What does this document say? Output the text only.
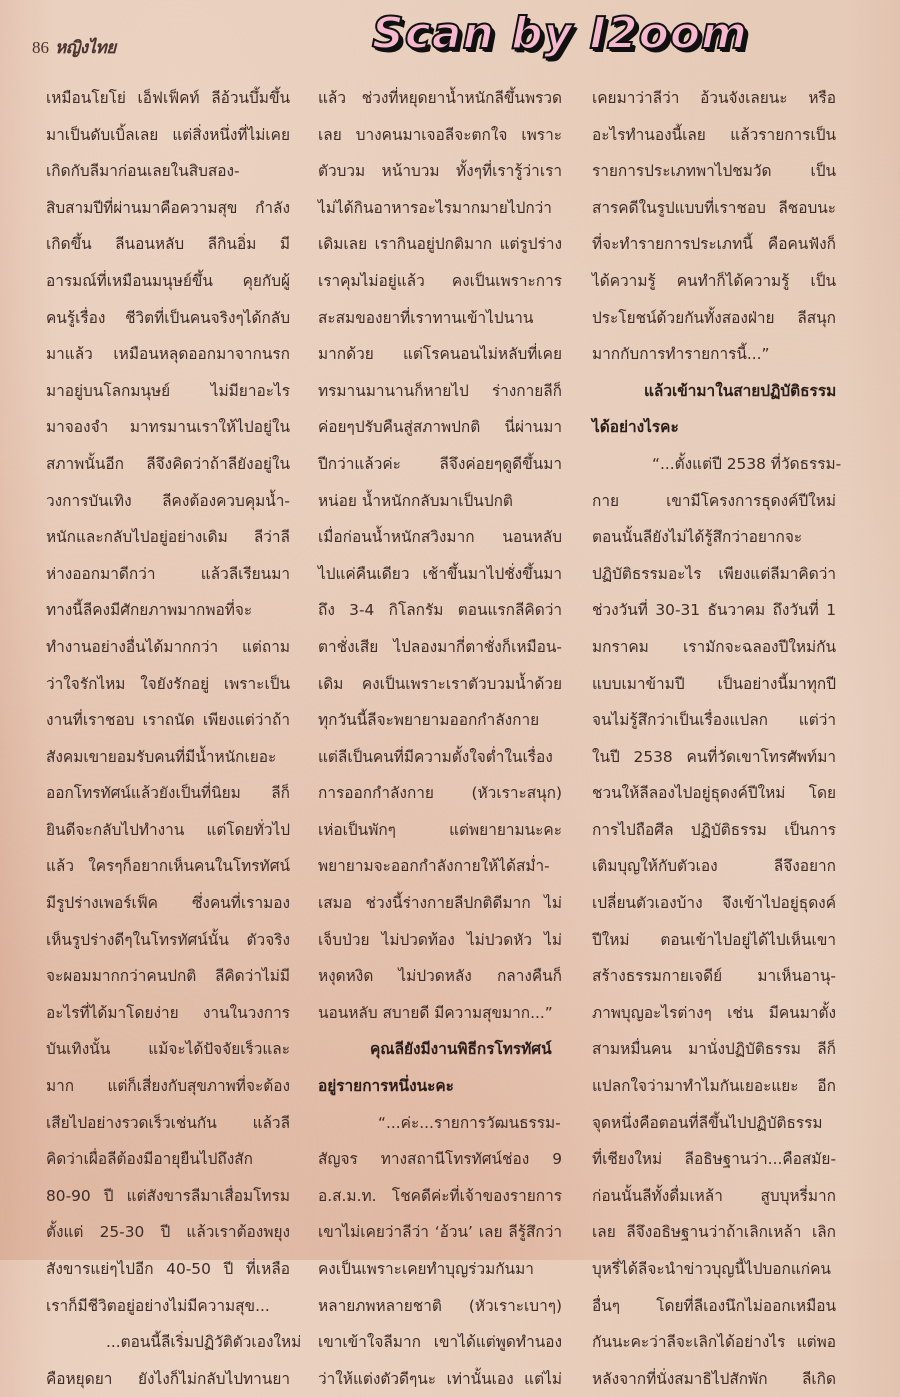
86 หญิงไทย	Scan by I2oom
เหมือนโยโย่ เอ็ฟเฟ็คท์ ลีอ้วนบึ้มขึ้น
มาเป็นดับเบิ้ลเลย แต่สิ่งหนึ่งที่ไม่เคย
เกิดกับลีมาก่อนเลยในสิบสอง-
สิบสามปีที่ผ่านมาคือความสุข กำลัง
เกิดขึ้น ลีนอนหลับ ลีกินอิ่ม มี
อารมณ์ที่เหมือนมนุษย์ขึ้น คุยกับผู้
คนรู้เรื่อง ชีวิตที่เป็นคนจริงๆได้กลับ
มาแล้ว เหมือนหลุดออกมาจากนรก
มาอยู่บนโลกมนุษย์ ไม่มียาอะไร
มาจองจำ มาทรมานเราให้ไปอยู่ใน
สภาพนั้นอีก ลีจึงคิดว่าถ้าลียังอยู่ใน
วงการบันเทิง ลีคงต้องควบคุมน้ำ-
หนักและกลับไปอยู่อย่างเดิม ลีว่าลี
ห่างออกมาดีกว่า แล้วลีเรียนมา
ทางนี้ลีคงมีศักยภาพมากพอที่จะ
ทำงานอย่างอื่นได้มากกว่า แต่ถาม
ว่าใจรักไหม ใจยังรักอยู่ เพราะเป็น
งานที่เราชอบ เราถนัด เพียงแต่ว่าถ้า
สังคมเขายอมรับคนที่มีน้ำหนักเยอะ
ออกโทรทัศน์แล้วยังเป็นที่นิยม ลีก็
ยินดีจะกลับไปทำงาน แต่โดยทั่วไป
แล้ว ใครๆก็อยากเห็นคนในโทรทัศน์
มีรูปร่างเพอร์เฟ็ค ซึ่งคนที่เรามอง
เห็นรูปร่างดีๆในโทรทัศน์นั้น ตัวจริง
จะผอมมากกว่าคนปกติ ลีคิดว่าไม่มี
อะไรที่ได้มาโดยง่าย งานในวงการ
บันเทิงนั้น แม้จะได้ปัจจัยเร็วและ
มาก แต่ก็เสี่ยงกับสุขภาพที่จะต้อง
เสียไปอย่างรวดเร็วเช่นกัน แล้วลี
คิดว่าเผื่อลีต้องมีอายุยืนไปถึงสัก
80-90 ปี แต่สังขารลีมาเสื่อมโทรม
ตั้งแต่ 25-30 ปี แล้วเราต้องพยุง
สังขารแย่ๆไปอีก 40-50 ปี ที่เหลือ
เราก็มีชีวิตอยู่อย่างไม่มีความสุข...
...ตอนนี้ลีเริ่มปฏิวัติตัวเองใหม่
คือหยุดยา ยังไงก็ไม่กลับไปทานยา
แล้ว ช่วงที่หยุดยาน้ำหนักลีขึ้นพรวด
เลย บางคนมาเจอลีจะตกใจ เพราะ
ตัวบวม หน้าบวม ทั้งๆที่เรารู้ว่าเรา
ไม่ได้กินอาหารอะไรมากมายไปกว่า
เดิมเลย เรากินอยู่ปกติมาก แต่รูปร่าง
เราคุมไม่อยู่แล้ว คงเป็นเพราะการ
สะสมของยาที่เราทานเข้าไปนาน
มากด้วย แต่โรคนอนไม่หลับที่เคย
ทรมานมานานก็หายไป ร่างกายลีก็
ค่อยๆปรับคืนสู่สภาพปกติ นี่ผ่านมา
ปีกว่าแล้วค่ะ ลีจึงค่อยๆดูดีขึ้นมา
หน่อย น้ำหนักกลับมาเป็นปกติ
เมื่อก่อนน้ำหนักสวิงมาก นอนหลับ
ไปแค่คืนเดียว เช้าขึ้นมาไปชั่งขึ้นมา
ถึง 3-4 กิโลกรัม ตอนแรกลีคิดว่า
ตาชั่งเสีย ไปลองมากี่ตาชั่งก็เหมือน-
เดิม คงเป็นเพราะเราตัวบวมน้ำด้วย
ทุกวันนี้ลีจะพยายามออกกำลังกาย
แต่ลีเป็นคนที่มีความตั้งใจต่ำในเรื่อง
การออกกำลังกาย (หัวเราะสนุก)
เห่อเป็นพักๆ แต่พยายามนะคะ
พยายามจะออกกำลังกายให้ได้สม่ำ-
เสมอ ช่วงนี้ร่างกายลีปกติดีมาก ไม่
เจ็บป่วย ไม่ปวดท้อง ไม่ปวดหัว ไม่
หงุดหงิด ไม่ปวดหลัง กลางคืนก็
นอนหลับ สบายดี มีความสุขมาก...”
คุณลียังมีงานพิธีกรโทรทัศน์
อยู่รายการหนึ่งนะคะ
“...ค่ะ...รายการวัฒนธรรม-
สัญจร ทางสถานีโทรทัศน์ช่อง 9
อ.ส.ม.ท. โชคดีค่ะที่เจ้าของรายการ
เขาไม่เคยว่าลีว่า ‘อ้วน’ เลย ลีรู้สึกว่า
คงเป็นเพราะเคยทำบุญร่วมกันมา
หลายภพหลายชาติ (หัวเราะเบาๆ)
เขาเข้าใจลีมาก เขาได้แต่พูดทำนอง
ว่าให้แต่งตัวดีๆนะ เท่านั้นเอง แต่ไม่
เคยมาว่าลีว่า อ้วนจังเลยนะ หรือ
อะไรทำนองนี้เลย แล้วรายการเป็น
รายการประเภทพาไปชมวัด เป็น
สารคดีในรูปแบบที่เราชอบ ลีชอบนะ
ที่จะทำรายการประเภทนี้ คือคนฟังก็
ได้ความรู้ คนทำก็ได้ความรู้ เป็น
ประโยชน์ด้วยกันทั้งสองฝ่าย ลีสนุก
มากกับการทำรายการนี้...”
แล้วเข้ามาในสายปฏิบัติธรรม
ได้อย่างไรคะ
“...ตั้งแต่ปี 2538 ที่วัดธรรม-
กาย เขามีโครงการธุดงค์ปีใหม่
ตอนนั้นลียังไม่ได้รู้สึกว่าอยากจะ
ปฏิบัติธรรมอะไร เพียงแต่ลีมาคิดว่า
ช่วงวันที่ 30-31 ธันวาคม ถึงวันที่ 1
มกราคม เรามักจะฉลองปีใหม่กัน
แบบเมาข้ามปี เป็นอย่างนี้มาทุกปี
จนไม่รู้สึกว่าเป็นเรื่องแปลก แต่ว่า
ในปี 2538 คนที่วัดเขาโทรศัพท์มา
ชวนให้ลีลองไปอยู่ธุดงค์ปีใหม่ โดย
การไปถือศีล ปฏิบัติธรรม เป็นการ
เติมบุญให้กับตัวเอง ลีจึงอยาก
เปลี่ยนตัวเองบ้าง จึงเข้าไปอยู่ธุดงค์
ปีใหม่ ตอนเข้าไปอยู่ได้ไปเห็นเขา
สร้างธรรมกายเจดีย์ มาเห็นอานุ-
ภาพบุญอะไรต่างๆ เช่น มีคนมาตั้ง
สามหมื่นคน มานั่งปฏิบัติธรรม ลีก็
แปลกใจว่ามาทำไมกันเยอะแยะ อีก
จุดหนึ่งคือตอนที่ลีขึ้นไปปฏิบัติธรรม
ที่เชียงใหม่ ลีอธิษฐานว่า...คือสมัย-
ก่อนนั้นลีทั้งดื่มเหล้า สูบบุหรี่มาก
เลย ลีจึงอธิษฐานว่าถ้าเลิกเหล้า เลิก
บุหรี่ได้ลีจะนำข่าวบุญนี้ไปบอกแก่คน
อื่นๆ โดยที่ลีเองนึกไม่ออกเหมือน
กันนะคะว่าลีจะเลิกได้อย่างไร แต่พอ
หลังจากที่นั่งสมาธิไปสักพัก ลีเกิด
